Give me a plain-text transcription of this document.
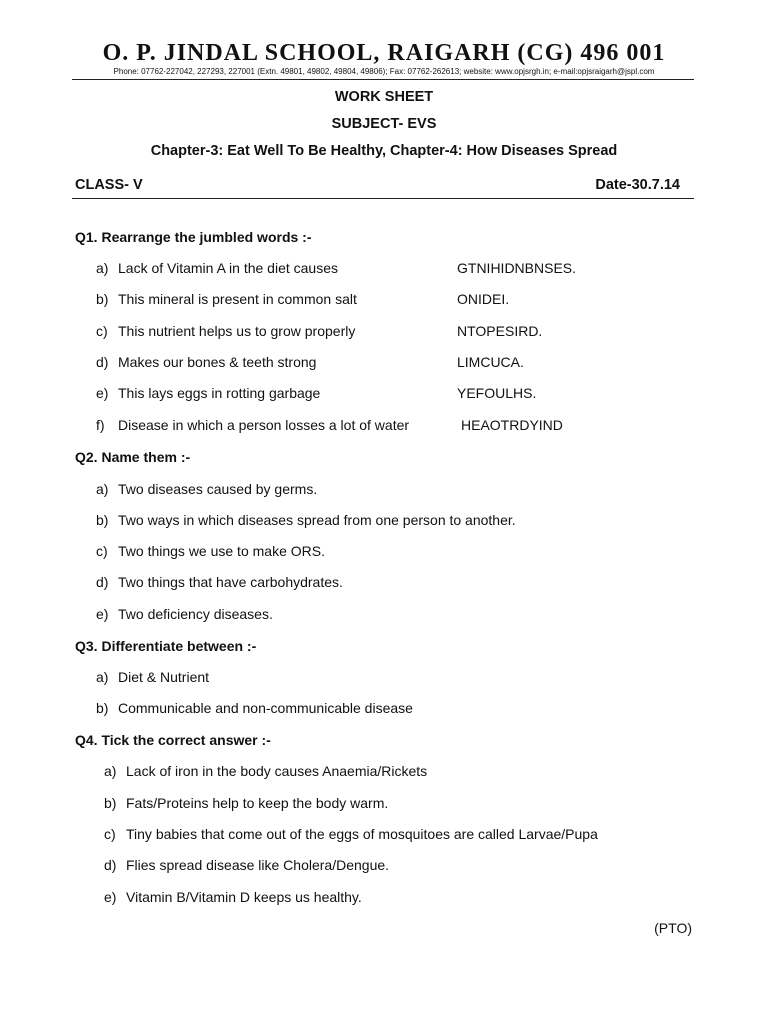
O. P. JINDAL SCHOOL, RAIGARH (CG) 496 001
Phone: 07762-227042, 227293, 227001 (Extn. 49801, 49802, 49804, 49806); Fax: 07762-262613; website: www.opjsrgh.in; e-mail:opjsraigarh@jspl.com
WORK SHEET
SUBJECT- EVS
Chapter-3: Eat Well To Be Healthy, Chapter-4: How Diseases Spread
CLASS- V	Date-30.7.14
Q1. Rearrange the jumbled words :-
a) Lack of Vitamin A in the diet causes	GTNIHIDNBNSES.
b) This mineral is present in common salt	ONIDEI.
c) This nutrient helps us to grow properly	NTOPESIRD.
d) Makes our bones & teeth strong	LIMCUCA.
e) This lays eggs in rotting garbage	YEFOULHS.
f) Disease in which a person losses a lot of water	HEAOTRDYIND
Q2. Name them :-
a) Two diseases caused by germs.
b) Two ways in which diseases spread from one person to another.
c) Two things we use to make ORS.
d) Two things that have carbohydrates.
e) Two deficiency diseases.
Q3. Differentiate between :-
a) Diet & Nutrient
b) Communicable and non-communicable disease
Q4. Tick the correct answer :-
a) Lack of iron in the body causes Anaemia/Rickets
b) Fats/Proteins help to keep the body warm.
c) Tiny babies that come out of the eggs of mosquitoes are called Larvae/Pupa
d) Flies spread disease like Cholera/Dengue.
e) Vitamin B/Vitamin D keeps us healthy.
(PTO)
